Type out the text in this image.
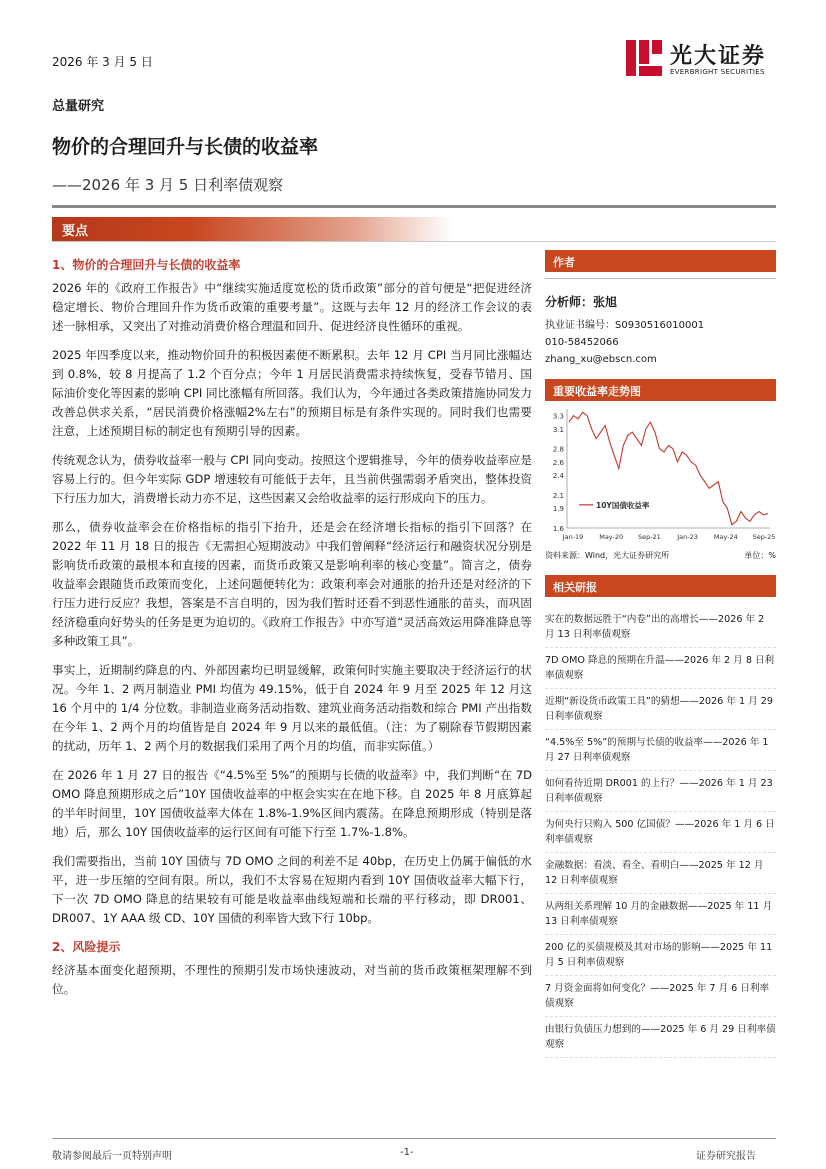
2026 年 3 月 5 日	光大证券
EVERBRIGHT SECURITIES
总量研究
物价的合理回升与长债的收益率
——2026 年 3 月 5 日利率债观察
要点
1、物价的合理回升与长债的收益率

2026 年的《政府工作报告》中“继续实施适度宽松的货币政策”部分的首句便是“把促进经济稳定增长、物价合理回升作为货币政策的重要考量”。这既与去年 12 月的经济工作会议的表述一脉相承，又突出了对推动消费价格合理温和回升、促进经济良性循环的重视。

2025 年四季度以来，推动物价回升的积极因素便不断累积。去年 12 月 CPI 当月同比涨幅达到 0.8%，较 8 月提高了 1.2 个百分点；今年 1 月居民消费需求持续恢复，受春节错月、国际油价变化等因素的影响 CPI 同比涨幅有所回落。我们认为，今年通过各类政策措施协同发力改善总供求关系，“居民消费价格涨幅2%左右”的预期目标是有条件实现的。同时我们也需要注意，上述预期目标的制定也有预期引导的因素。

传统观念认为，债券收益率一般与 CPI 同向变动。按照这个逻辑推导，今年的债券收益率应是容易上行的。但今年实际 GDP 增速较有可能低于去年，且当前供强需弱矛盾突出，整体投资下行压力加大，消费增长动力亦不足，这些因素又会给收益率的运行形成向下的压力。

那么，债券收益率会在价格指标的指引下抬升，还是会在经济增长指标的指引下回落？在 2022 年 11 月 18 日的报告《无需担心短期波动》中我们曾阐释“经济运行和融资状况分别是影响货币政策的最根本和直接的因素，而货币政策又是影响利率的核心变量”。简言之，债券收益率会跟随货币政策而变化，上述问题便转化为：政策利率会对通胀的抬升还是对经济的下行压力进行反应？我想，答案是不言自明的，因为我们暂时还看不到恶性通胀的苗头，而巩固经济稳重向好势头的任务是更为迫切的。《政府工作报告》中亦写道“灵活高效运用降准降息等多种政策工具”。

事实上，近期制约降息的内、外部因素均已明显缓解，政策何时实施主要取决于经济运行的状况。今年 1、2 两月制造业 PMI 均值为 49.15%，低于自 2024 年 9 月至 2025 年 12 月这 16 个月中的 1/4 分位数。非制造业商务活动指数、建筑业商务活动指数和综合 PMI 产出指数在今年 1、2 两个月的均值皆是自 2024 年 9 月以来的最低值。（注：为了剔除春节假期因素的扰动，历年 1、2 两个月的数据我们采用了两个月的均值，而非实际值。）

在 2026 年 1 月 27 日的报告《“4.5%至 5%”的预期与长债的收益率》中，我们判断“在 7D OMO 降息预期形成之后”10Y 国债收益率的中枢会实实在在地下移。自 2025 年 8 月底算起的半年时间里，10Y 国债收益率大体在 1.8%-1.9%区间内震荡。在降息预期形成（特别是落地）后，那么 10Y 国债收益率的运行区间有可能下行至 1.7%-1.8%。

我们需要指出，当前 10Y 国债与 7D OMO 之间的利差不足 40bp，在历史上仍属于偏低的水平，进一步压缩的空间有限。所以，我们不太容易在短期内看到 10Y 国债收益率大幅下行，下一次 7D OMO 降息的结果较有可能是收益率曲线短端和长端的平行移动，即 DR001、DR007、1Y AAA 级 CD、10Y 国债的利率皆大致下行 10bp。

2、风险提示

经济基本面变化超预期，不理性的预期引发市场快速波动，对当前的货币政策框架理解不到位。

作者
分析师：张旭
执业证书编号：S0930516010001
010-58452066
zhang_xu@ebscn.com
重要收益率走势图
1.6
1.9
2.1
2.4
2.6
2.8
3.1
3.3
Jan-19 May-20 Sep-21	Jan-23 May-24 Sep-25
10Y国债收益率
资料来源：Wind，光大证券研究所	单位：%
相关研报
实在的数据远胜于“内卷”出的高增长——2026 年 2 月 13 日利率债观察
7D OMO 降息的预期在升温——2026 年 2 月 8 日利率债观察
近期“新设货币政策工具”的猜想——2026 年 1 月 29 日利率债观察
“4.5%至 5%”的预期与长债的收益率——2026 年 1 月 27 日利率债观察
如何看待近期 DR001 的上行？——2026 年 1 月 23 日利率债观察
为何央行只购入 500 亿国债？——2026 年 1 月 6 日利率债观察
金融数据：看淡、看全、看明白——2025 年 12 月 12 日利率债观察
从两组关系理解 10 月的金融数据——2025 年 11 月 13 日利率债观察
200 亿的买债规模及其对市场的影响——2025 年 11 月 5 日利率债观察
7 月资金面将如何变化？——2025 年 7 月 6 日利率债观察
由银行负债压力想到的——2025 年 6 月 29 日利率债观察
敬请参阅最后一页特别声明	-1-	证券研究报告
